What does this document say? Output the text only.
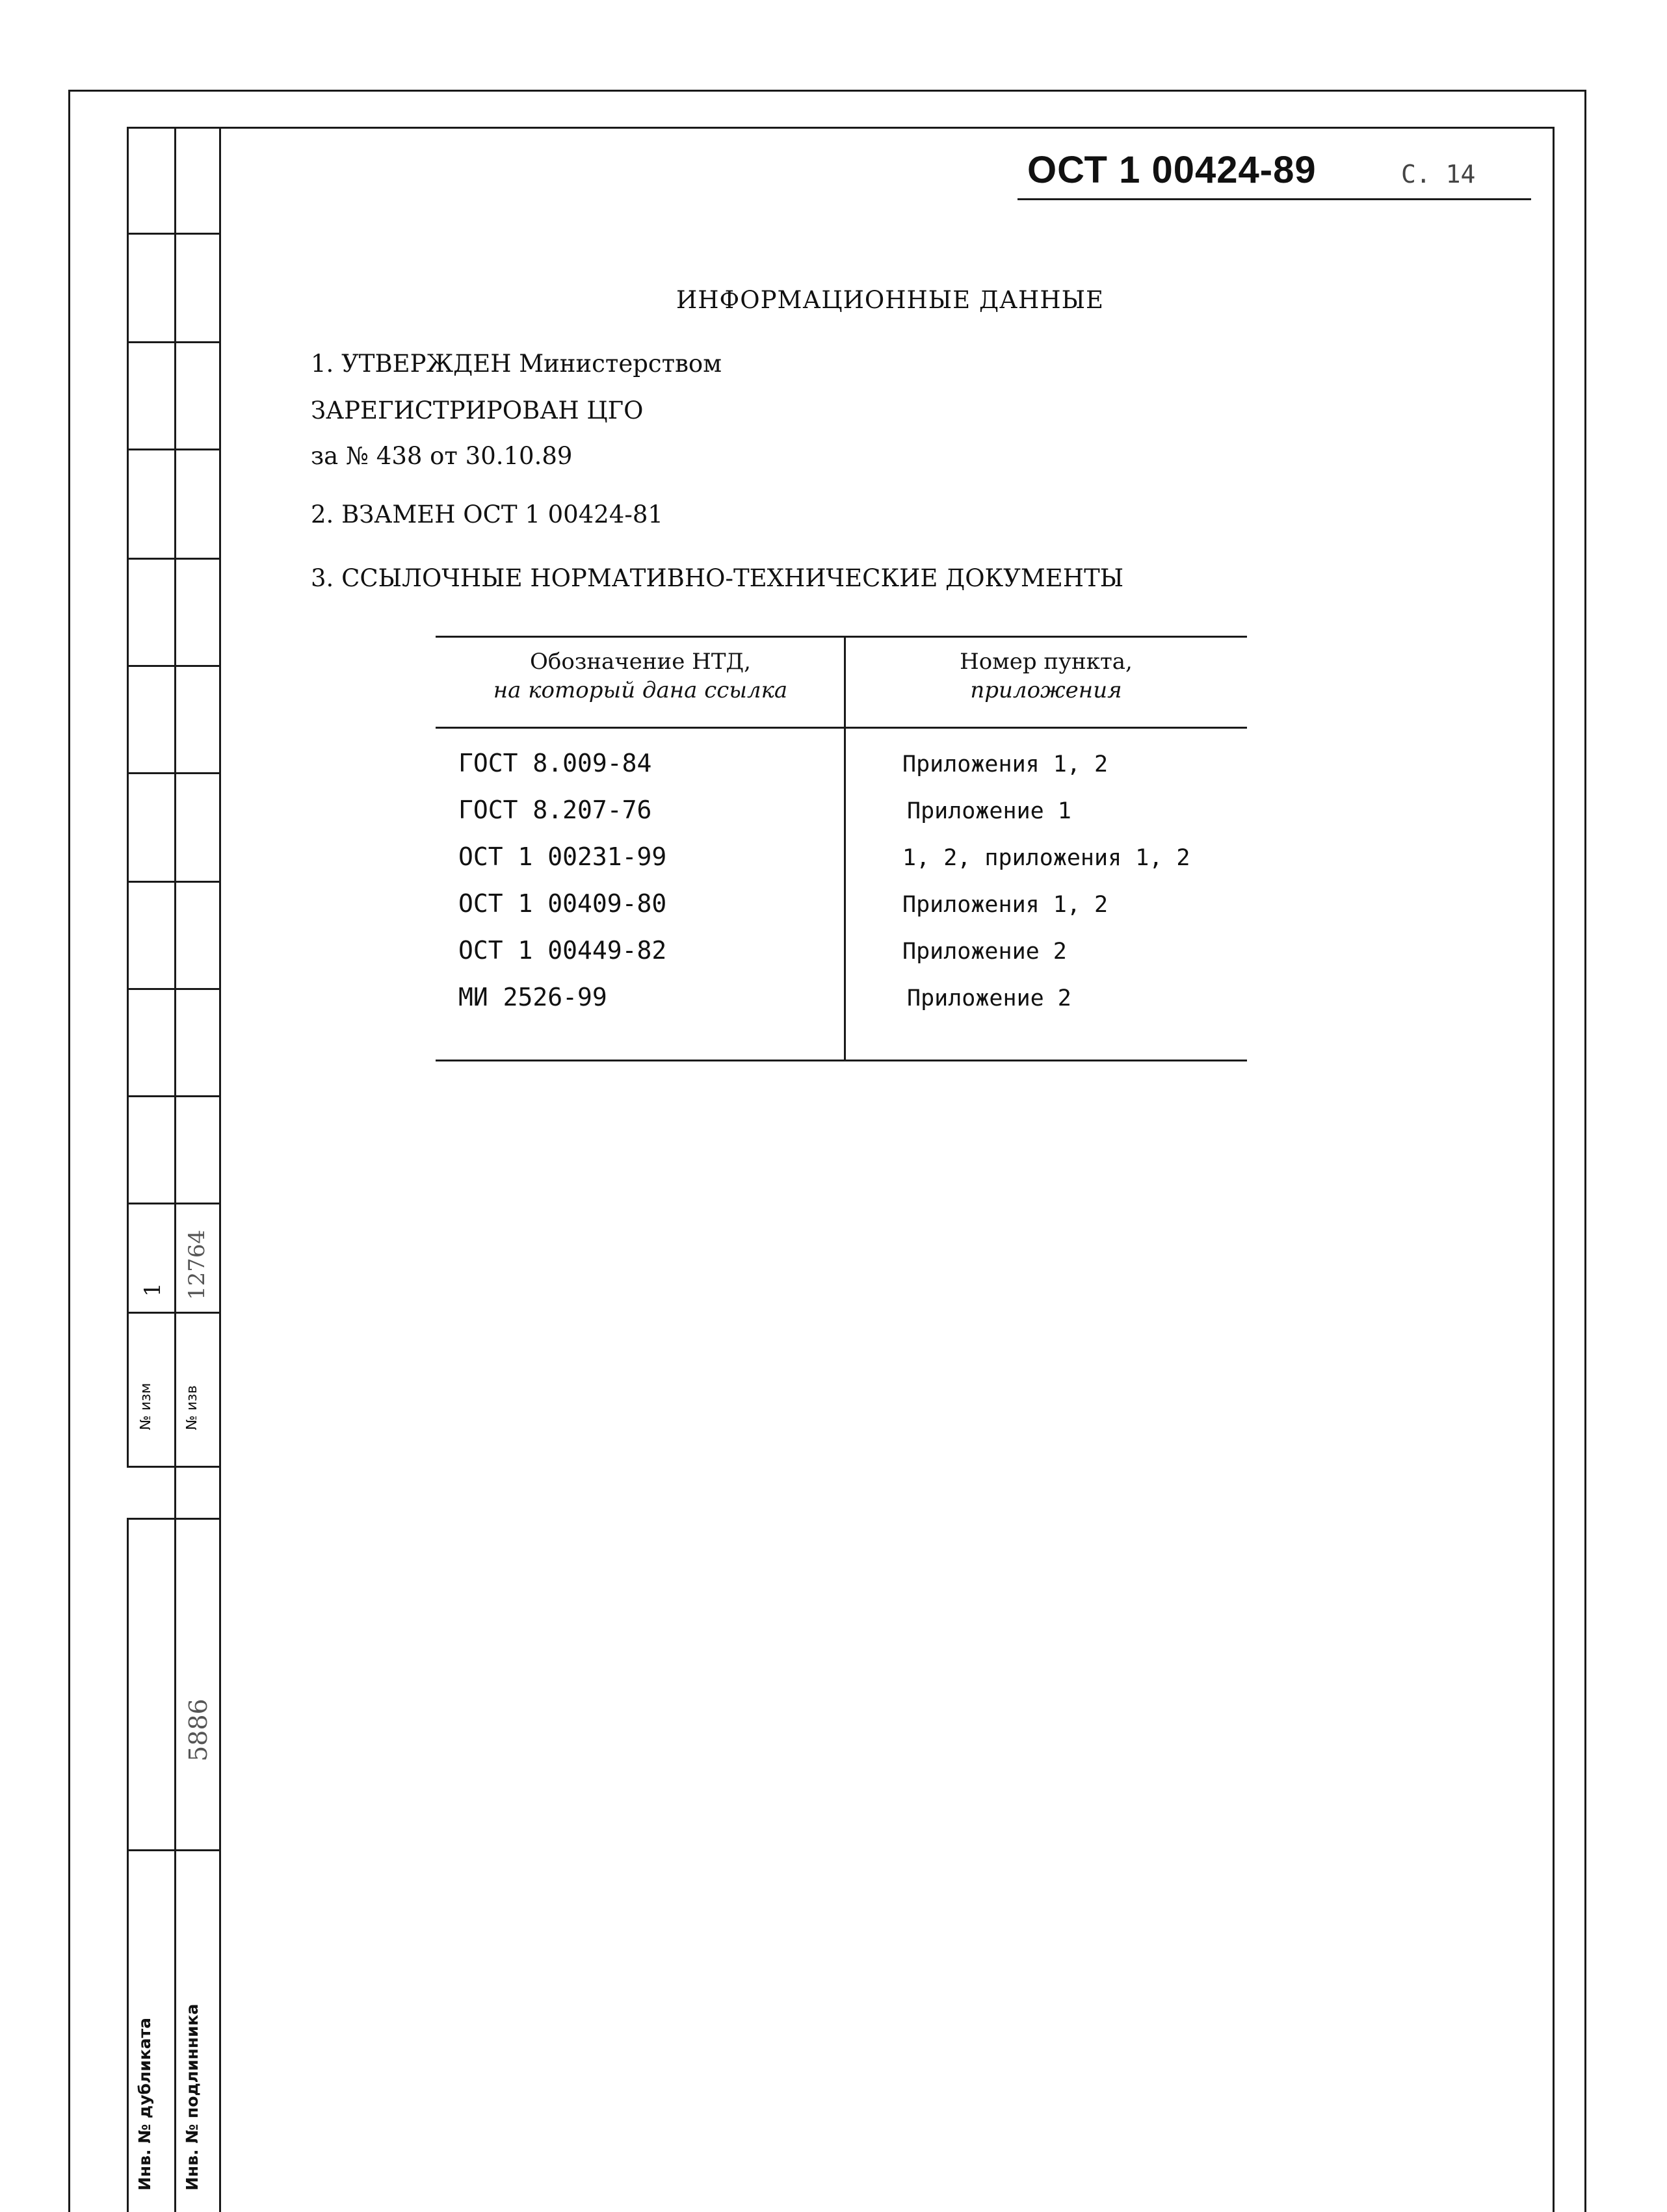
1 12764
№ изм № изв
5886
Инв. № дубликата Инв. № подлинника
ОСТ 1 00424-89	С. 14
ИНФОРМАЦИОННЫЕ ДАННЫЕ
1. УТВЕРЖДЕН Министерством
ЗАРЕГИСТРИРОВАН ЦГО
за № 438 от 30.10.89
2. ВЗАМЕН ОСТ 1 00424-81
3. ССЫЛОЧНЫЕ НОРМАТИВНО-ТЕХНИЧЕСКИЕ ДОКУМЕНТЫ
Обозначение НТД,
на который дана ссылка
Номер пункта,
приложения
ГОСТ 8.009-84	Приложения 1, 2
ГОСТ 8.207-76	Приложение 1
ОСТ 1 00231-99	1, 2, приложения 1, 2
ОСТ 1 00409-80	Приложения 1, 2
ОСТ 1 00449-82	Приложение 2
МИ 2526-99	Приложение 2
